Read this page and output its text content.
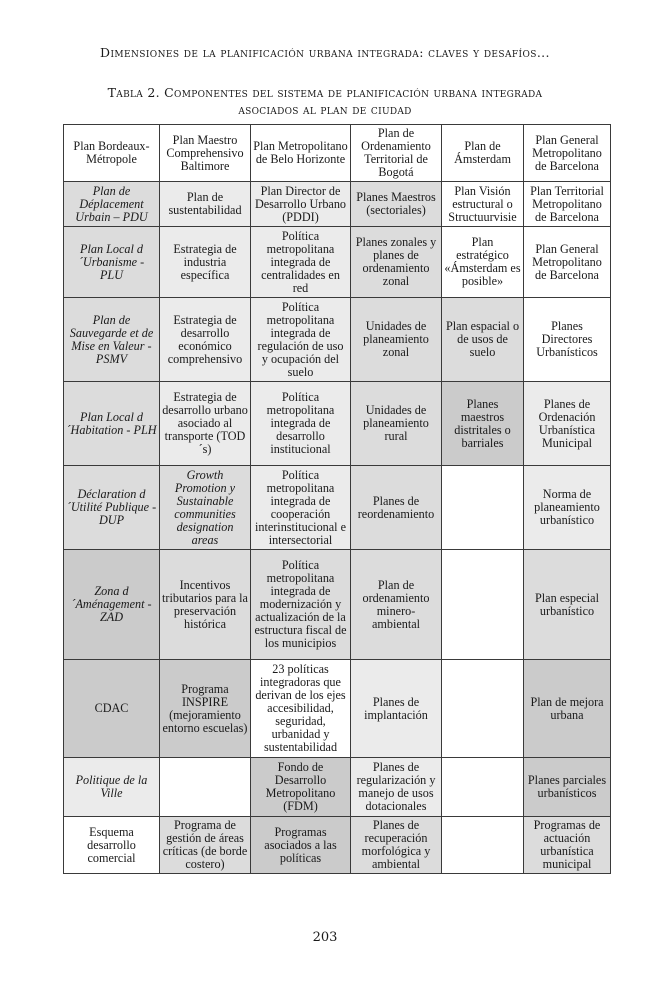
Dimensiones de la planificación urbana integrada: claves y desafíos...
Tabla 2. Componentes del sistema de planificación urbana integrada
asociados al plan de ciudad
Plan Bordeaux-Métropole	Plan Maestro Comprehensivo Baltimore	Plan Metropolitano de Belo Horizonte	Plan de Ordenamiento Territorial de Bogotá	Plan de Ámsterdam	Plan General Metropolitano de Barcelona
Plan de Déplacement Urbain – PDU	Plan de sustentabilidad	Plan Director de Desarrollo Urbano (PDDI)	Planes Maestros (sectoriales)	Plan Visión estructural o Structuurvisie	Plan Territorial Metropolitano de Barcelona
Plan Local d´Urbanisme - PLU	Estrategia de industria específica	Política metropolitana integrada de centralidades en red	Planes zonales y planes de ordenamiento zonal	Plan estratégico «Ámsterdam es posible»	Plan General Metropolitano de Barcelona
Plan de Sauvegarde et de Mise en Valeur - PSMV	Estrategia de desarrollo económico comprehensivo	Política metropolitana integrada de regulación de uso y ocupación del suelo	Unidades de planeamiento zonal	Plan espacial o de usos de suelo	Planes Directores Urbanísticos
Plan Local d´Habitation - PLH	Estrategia de desarrollo urbano asociado al transporte (TOD´s)	Política metropolitana integrada de desarrollo institucional	Unidades de planeamiento rural	Planes maestros distritales o barriales	Planes de Ordenación Urbanística Municipal
Déclaration d´Utilité Publique - DUP	Growth Promotion y Sustainable communities designation areas	Política metropolitana integrada de cooperación interinstitucional e intersectorial	Planes de reordenamiento		Norma de planeamiento urbanístico
Zona d´Aménagement - ZAD	Incentivos tributarios para la preservación histórica	Política metropolitana integrada de modernización y actualización de la estructura fiscal de los municipios	Plan de ordenamiento minero-ambiental		Plan especial urbanístico
CDAC	Programa INSPIRE (mejoramiento entorno escuelas)	23 políticas integradoras que derivan de los ejes accesibilidad, seguridad, urbanidad y sustentabilidad	Planes de implantación		Plan de mejora urbana
Politique de la Ville		Fondo de Desarrollo Metropolitano (FDM)	Planes de regularización y manejo de usos dotacionales		Planes parciales urbanísticos
Esquema desarrollo comercial	Programa de gestión de áreas críticas (de borde costero)	Programas asociados a las políticas	Planes de recuperación morfológica y ambiental		Programas de actuación urbanística municipal
203
